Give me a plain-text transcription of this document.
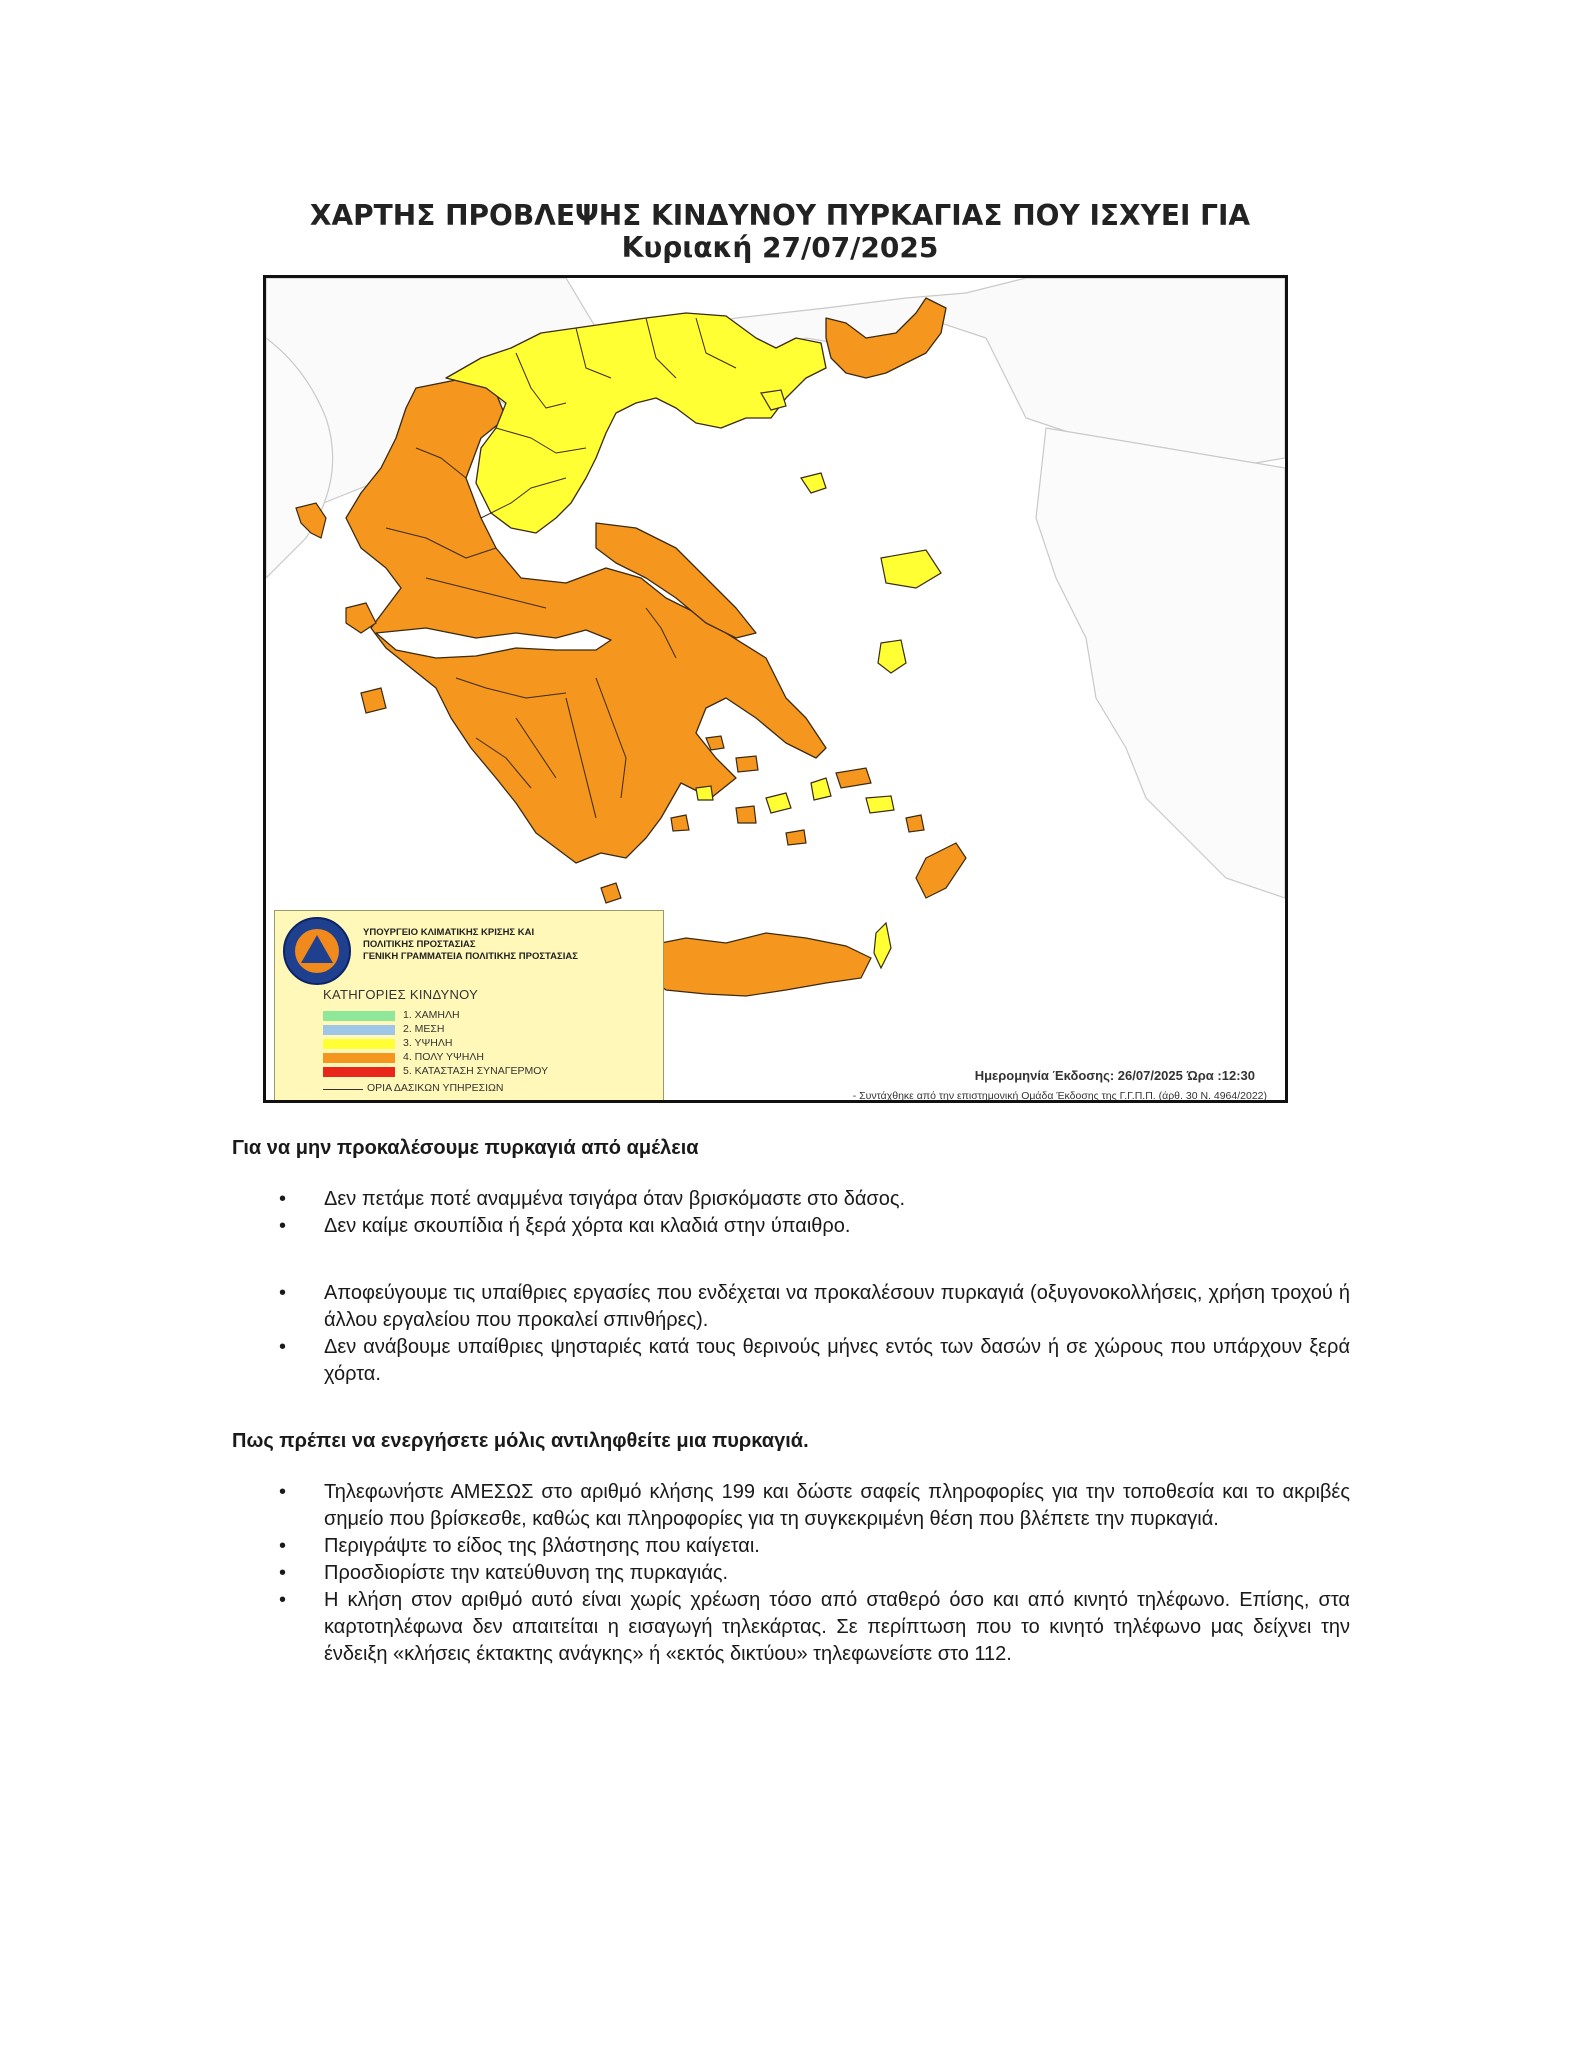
ΧΑΡΤΗΣ ΠΡΟΒΛΕΨΗΣ ΚΙΝΔΥΝΟΥ ΠΥΡΚΑΓΙΑΣ ΠΟΥ ΙΣΧΥΕΙ ΓΙΑ
Κυριακή 27/07/2025
ΥΠΟΥΡΓΕΙΟ ΚΛΙΜΑΤΙΚΗΣ ΚΡΙΣΗΣ ΚΑΙ
ΠΟΛΙΤΙΚΗΣ ΠΡΟΣΤΑΣΙΑΣ
ΓΕΝΙΚΗ ΓΡΑΜΜΑΤΕΙΑ ΠΟΛΙΤΙΚΗΣ ΠΡΟΣΤΑΣΙΑΣ
ΚΑΤΗΓΟΡΙΕΣ ΚΙΝΔΥΝΟΥ
1. ΧΑΜΗΛΗ
2. ΜΕΣΗ
3. ΥΨΗΛΗ
4. ΠΟΛΥ ΥΨΗΛΗ
5. ΚΑΤΑΣΤΑΣΗ ΣΥΝΑΓΕΡΜΟΥ
ΟΡΙΑ ΔΑΣΙΚΩΝ ΥΠΗΡΕΣΙΩΝ
Ημερομηνία Έκδοσης: 26/07/2025 Ώρα :12:30
- Συντάχθηκε από την επιστημονική Ομάδα Έκδοσης της Γ.Γ.Π.Π. (άρθ. 30 Ν. 4964/2022)
Για να μην προκαλέσουμε πυρκαγιά από αμέλεια
• Δεν πετάμε ποτέ αναμμένα τσιγάρα όταν βρισκόμαστε στο δάσος.
• Δεν καίμε σκουπίδια ή ξερά χόρτα και κλαδιά στην ύπαιθρο.
• Αποφεύγουμε τις υπαίθριες εργασίες που ενδέχεται να προκαλέσουν πυρκαγιά (οξυγονοκολλήσεις, χρήση τροχού ή άλλου εργαλείου που προκαλεί σπινθήρες).
• Δεν ανάβουμε υπαίθριες ψησταριές κατά τους θερινούς μήνες εντός των δασών ή σε χώρους που υπάρχουν ξερά χόρτα.
Πως πρέπει να ενεργήσετε μόλις αντιληφθείτε μια πυρκαγιά.
• Τηλεφωνήστε ΑΜΕΣΩΣ στο αριθμό κλήσης 199 και δώστε σαφείς πληροφορίες για την τοποθεσία και το ακριβές σημείο που βρίσκεσθε, καθώς και πληροφορίες για τη συγκεκριμένη θέση που βλέπετε την πυρκαγιά.
• Περιγράψτε το είδος της βλάστησης που καίγεται.
• Προσδιορίστε την κατεύθυνση της πυρκαγιάς.
• Η κλήση στον αριθμό αυτό είναι χωρίς χρέωση τόσο από σταθερό όσο και από κινητό τηλέφωνο. Επίσης, στα καρτοτηλέφωνα δεν απαιτείται η εισαγωγή τηλεκάρτας. Σε περίπτωση που το κινητό τηλέφωνο μας δείχνει την ένδειξη «κλήσεις έκτακτης ανάγκης» ή «εκτός δικτύου» τηλεφωνείστε στο 112.
